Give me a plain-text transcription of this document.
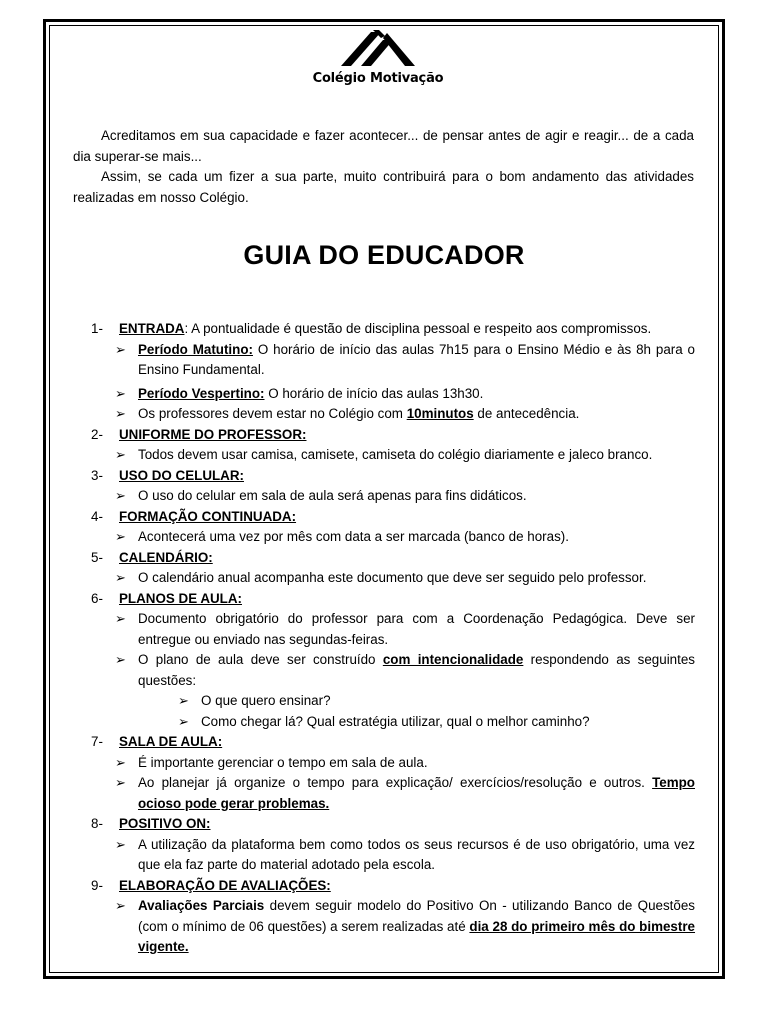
Colégio Motivação

Acreditamos em sua capacidade e fazer acontecer... de pensar antes de agir e reagir... de a cada dia superar-se mais...

Assim, se cada um fizer a sua parte, muito contribuirá para o bom andamento das atividades realizadas em nosso Colégio.

GUIA DO EDUCADOR
1-	ENTRADA: A pontualidade é questão de disciplina pessoal e respeito aos compromissos.
➢ Período Matutino: O horário de início das aulas 7h15 para o Ensino Médio e às 8h para o Ensino Fundamental.
➢ Período Vespertino: O horário de início das aulas 13h30.
➢ Os professores devem estar no Colégio com 10minutos de antecedência.
2-	UNIFORME DO PROFESSOR:
➢ Todos devem usar camisa, camisete, camiseta do colégio diariamente e jaleco branco.
3-	USO DO CELULAR:
➢ O uso do celular em sala de aula será apenas para fins didáticos.
4-	FORMAÇÃO CONTINUADA:
➢ Acontecerá uma vez por mês com data a ser marcada (banco de horas).
5-	CALENDÁRIO:
➢ O calendário anual acompanha este documento que deve ser seguido pelo professor.
6-	PLANOS DE AULA:
➢ Documento obrigatório do professor para com a Coordenação Pedagógica. Deve ser entregue ou enviado nas segundas-feiras.
➢ O plano de aula deve ser construído com intencionalidade respondendo as seguintes questões:
➢ O que quero ensinar?
➢ Como chegar lá? Qual estratégia utilizar, qual o melhor caminho?
7-	SALA DE AULA:
➢ É importante gerenciar o tempo em sala de aula.
➢ Ao planejar já organize o tempo para explicação/ exercícios/resolução e outros. Tempo ocioso pode gerar problemas.
8-	POSITIVO ON:
➢ A utilização da plataforma bem como todos os seus recursos é de uso obrigatório, uma vez que ela faz parte do material adotado pela escola.
9-	ELABORAÇÃO DE AVALIAÇÕES:
➢ Avaliações Parciais devem seguir modelo do Positivo On - utilizando Banco de Questões (com o mínimo de 06 questões) a serem realizadas até dia 28 do primeiro mês do bimestre vigente.
